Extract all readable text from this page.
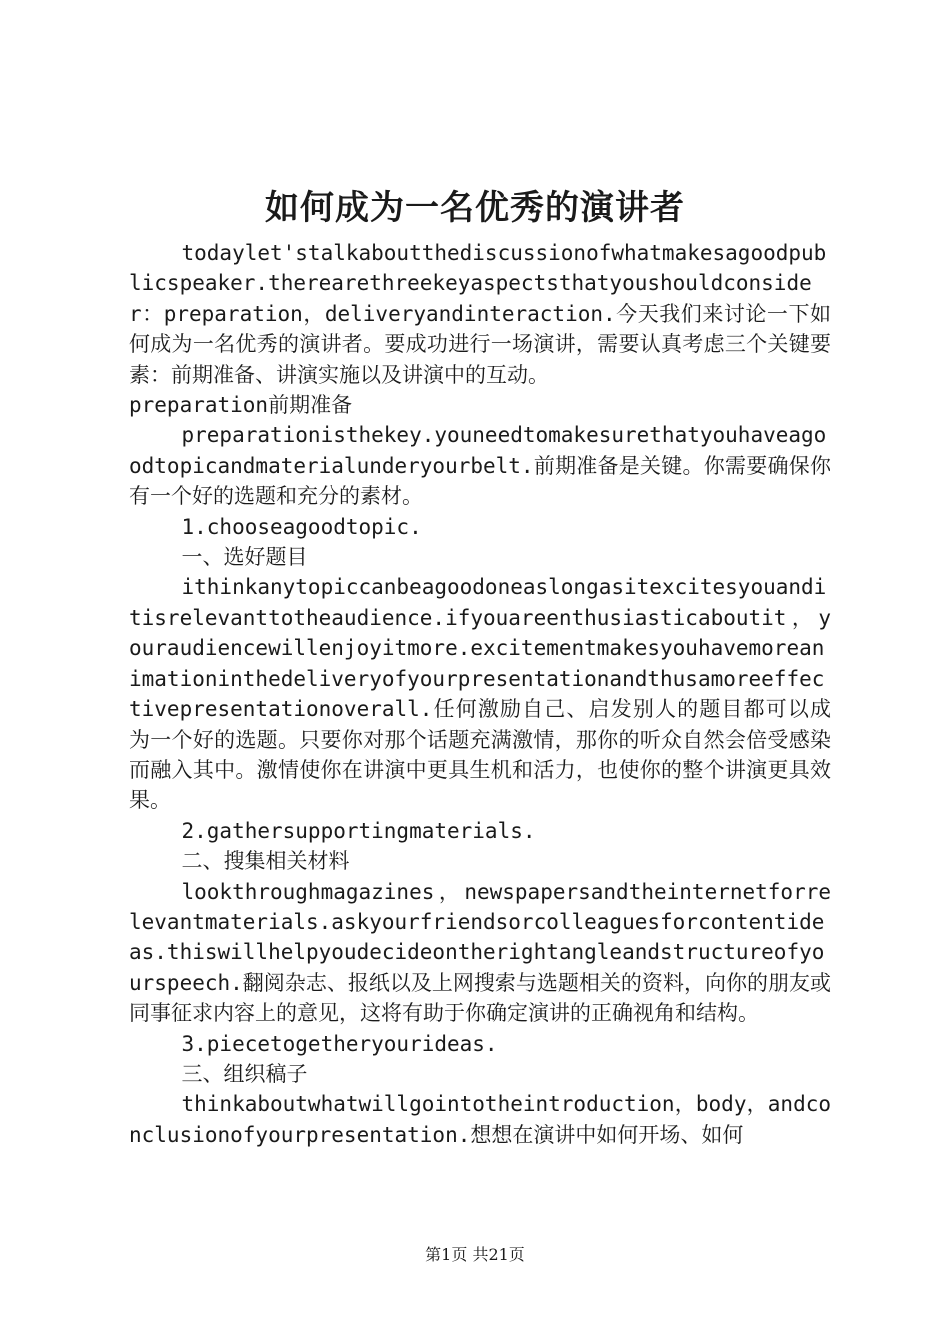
如何成为一名优秀的演讲者

todaylet'stalkaboutthediscussionofwhatmakesagoodpublicspeaker.therearethreekeyaspectsthatyoushouldconsider：preparation，deliveryandinteraction.今天我们来讨论一下如何成为一名优秀的演讲者。要成功进行一场演讲，需要认真考虑三个关键要素：前期准备、讲演实施以及讲演中的互动。

preparation前期准备

preparationisthekey.youneedtomakesurethatyouhaveagoodtopicandmaterialunderyourbelt.前期准备是关键。你需要确保你有一个好的选题和充分的素材。

1.chooseagoodtopic.

一、选好题目

ithinkanytopiccanbeagoodoneaslongasitexcitesyouanditisrelevanttotheaudience.ifyouareenthusiasticaboutit，youraudiencewillenjoyitmore.excitementmakesyouhavemoreanimationinthedeliveryofyourpresentationandthusamoreeffectivepresentationoverall.任何激励自己、启发别人的题目都可以成为一个好的选题。只要你对那个话题充满激情，那你的听众自然会倍受感染而融入其中。激情使你在讲演中更具生机和活力，也使你的整个讲演更具效果。

2.gathersupportingmaterials.

二、搜集相关材料

lookthroughmagazines，newspapersandtheinternetforrelevantmaterials.askyourfriendsorcolleaguesforcontentideas.thiswillhelpyoudecideontherightangleandstructureofyourspeech.翻阅杂志、报纸以及上网搜索与选题相关的资料，向你的朋友或同事征求内容上的意见，这将有助于你确定演讲的正确视角和结构。

3.piecetogetheryourideas.

三、组织稿子

thinkaboutwhatwillgointotheintroduction，body，andconclusionofyourpresentation.想想在演讲中如何开场、如何

第1页 共21页
